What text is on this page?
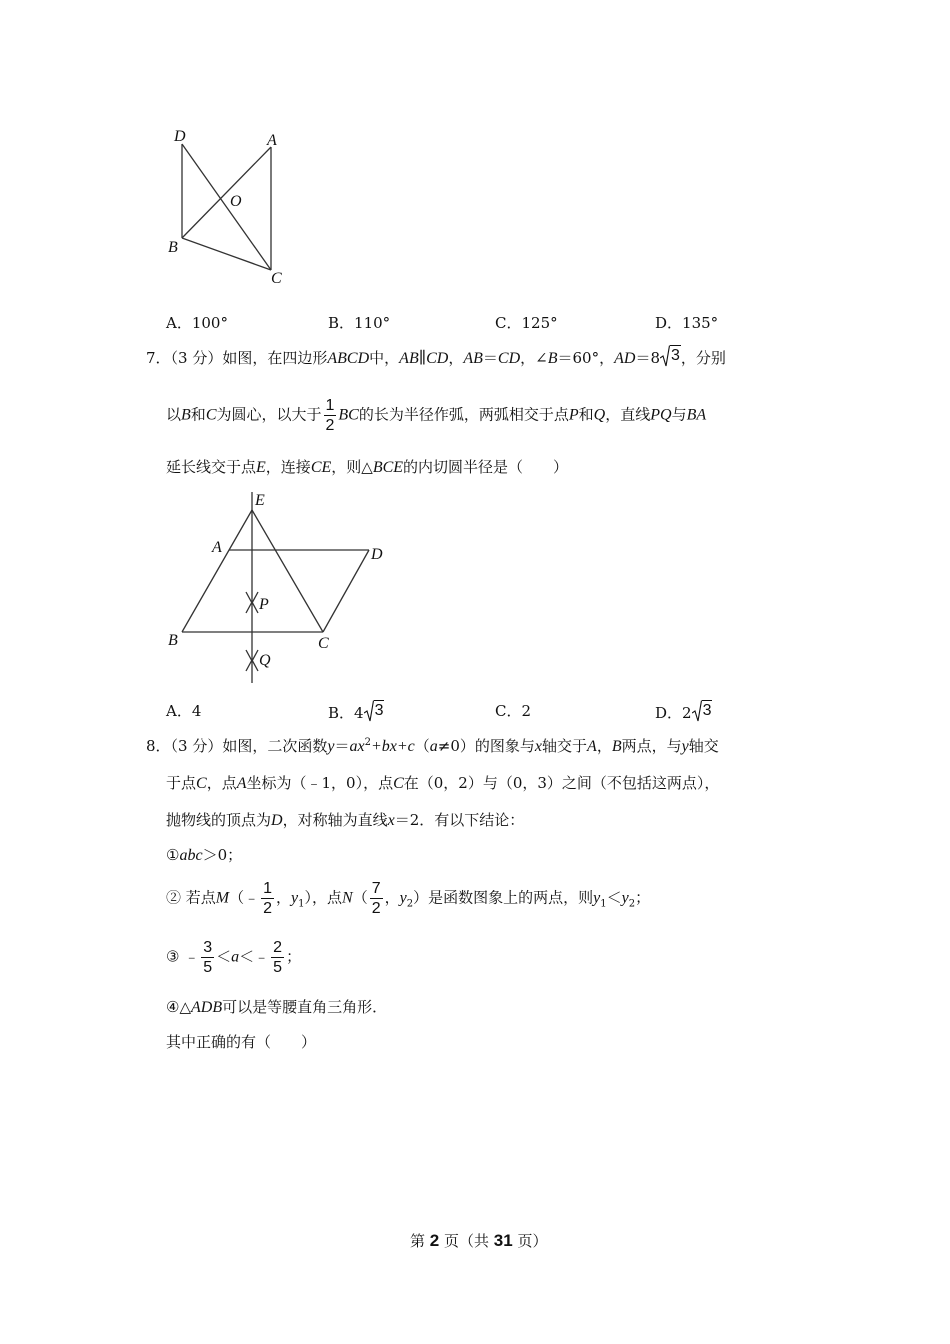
D	A
O
B
C
A．100°	B．110°	C．125°	D．135°
7．（3 分）如图，在四边形ABCD中，AB∥CD，AB＝CD，∠B＝60°，AD＝8 3 ，分别
以B和C为圆心，以大于 $\frac{1}{2}$ BC的长为半径作弧，两弧相交于点P和Q，直线PQ与BA
延长线交于点E，连接CE，则△BCE的内切圆半径是（　　）
E
A	D
P
B	C
Q
A．4	B．4 3	C．2	D．2 3
8．（3 分）如图，二次函数$y=ax^2+bx+c(a\ne 0)$的图象与x轴交于A，B两点，与y轴交
于点C，点A坐标为（﹣1，0），点C在（0，2）与（0，3）之间（不包括这两点），
抛物线的顶点为D，对称轴为直线x＝2．有以下结论：
①abc＞0；
② 若点M（﹣ $\frac{1}{2}$ ，$y_1$），点$N( \frac{7}{2}$ ，$y_2$）是函数图象上的两点，则$y_1<y_2$；
③ ﹣ $\frac{3}{5}$ ＜a＜﹣ $\frac{2}{5}$ ；
④△ADB可以是等腰直角三角形．
其中正确的有（　　）
第 2 页（共 31 页）
